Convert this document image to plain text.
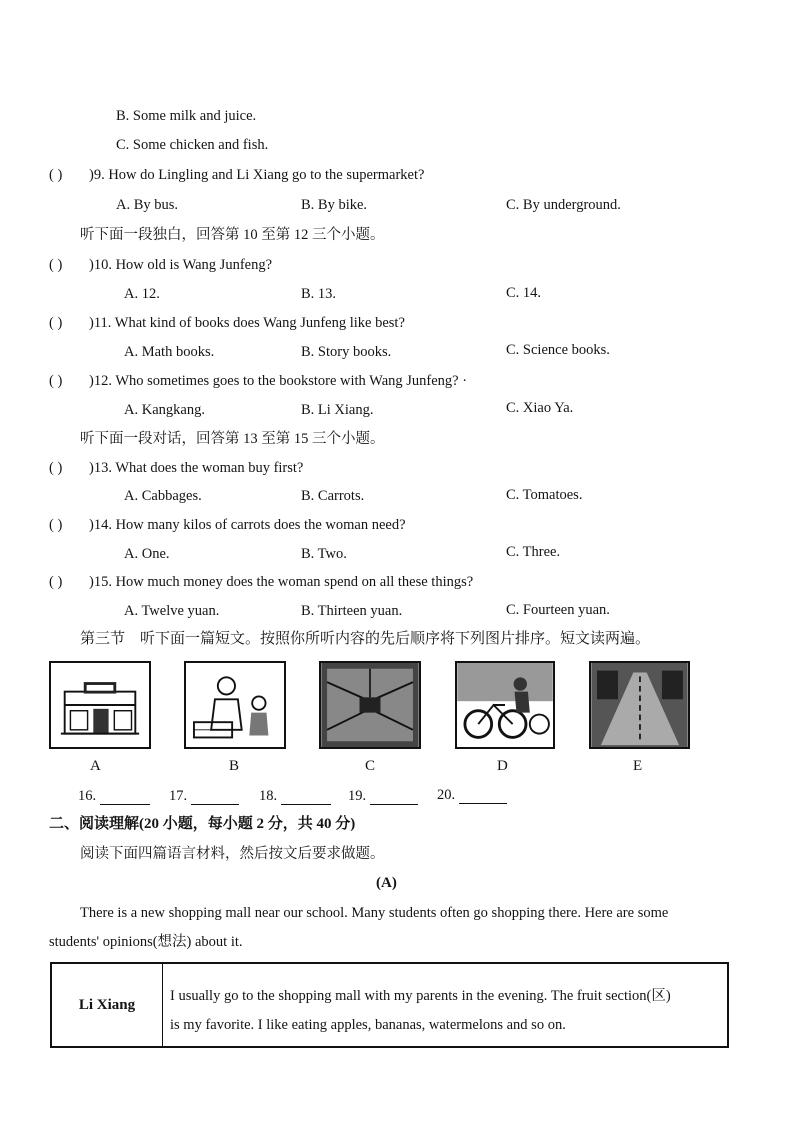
B. Some milk and juice.
C. Some chicken and fish.
( ) )9. How do Lingling and Li Xiang go to the supermarket?
A. By bus.	B. By bike.	C. By underground.
听下面一段独白，回答第 10 至第 12 三个小题。
( ) )10. How old is Wang Junfeng?
A. 12.	B. 13.	C. 14.
( ) )11. What kind of books does Wang Junfeng like best?
A. Math books.	B. Story books.	C. Science books.
( ) )12. Who sometimes goes to the bookstore with Wang Junfeng? ·
A. Kangkang.	B. Li Xiang.	C. Xiao Ya.
听下面一段对话，回答第 13 至第 15 三个小题。
( ) )13. What does the woman buy first?
A. Cabbages.	B. Carrots.	C. Tomatoes.
( ) )14. How many kilos of carrots does the woman need?
A. One.	B. Two.	C. Three.
( ) )15. How much money does the woman spend on all these things?
A. Twelve yuan.	B. Thirteen yuan.	C. Fourteen yuan.
第三节　听下面一篇短文。按照你所听内容的先后顺序将下列图片排序。短文读两遍。
A	B	C	D	E
16.	17.	18.	19.	20.
二、阅读理解(20 小题，每小题 2 分，共 40 分)
阅读下面四篇语言材料，然后按文后要求做题。
(A)
There is a new shopping mall near our school. Many students often go shopping there. Here are some
students' opinions(想法) about it.
Li Xiang
I usually go to the shopping mall with my parents in the evening. The fruit section(区)
is my favorite. I like eating apples, bananas, watermelons and so on.
